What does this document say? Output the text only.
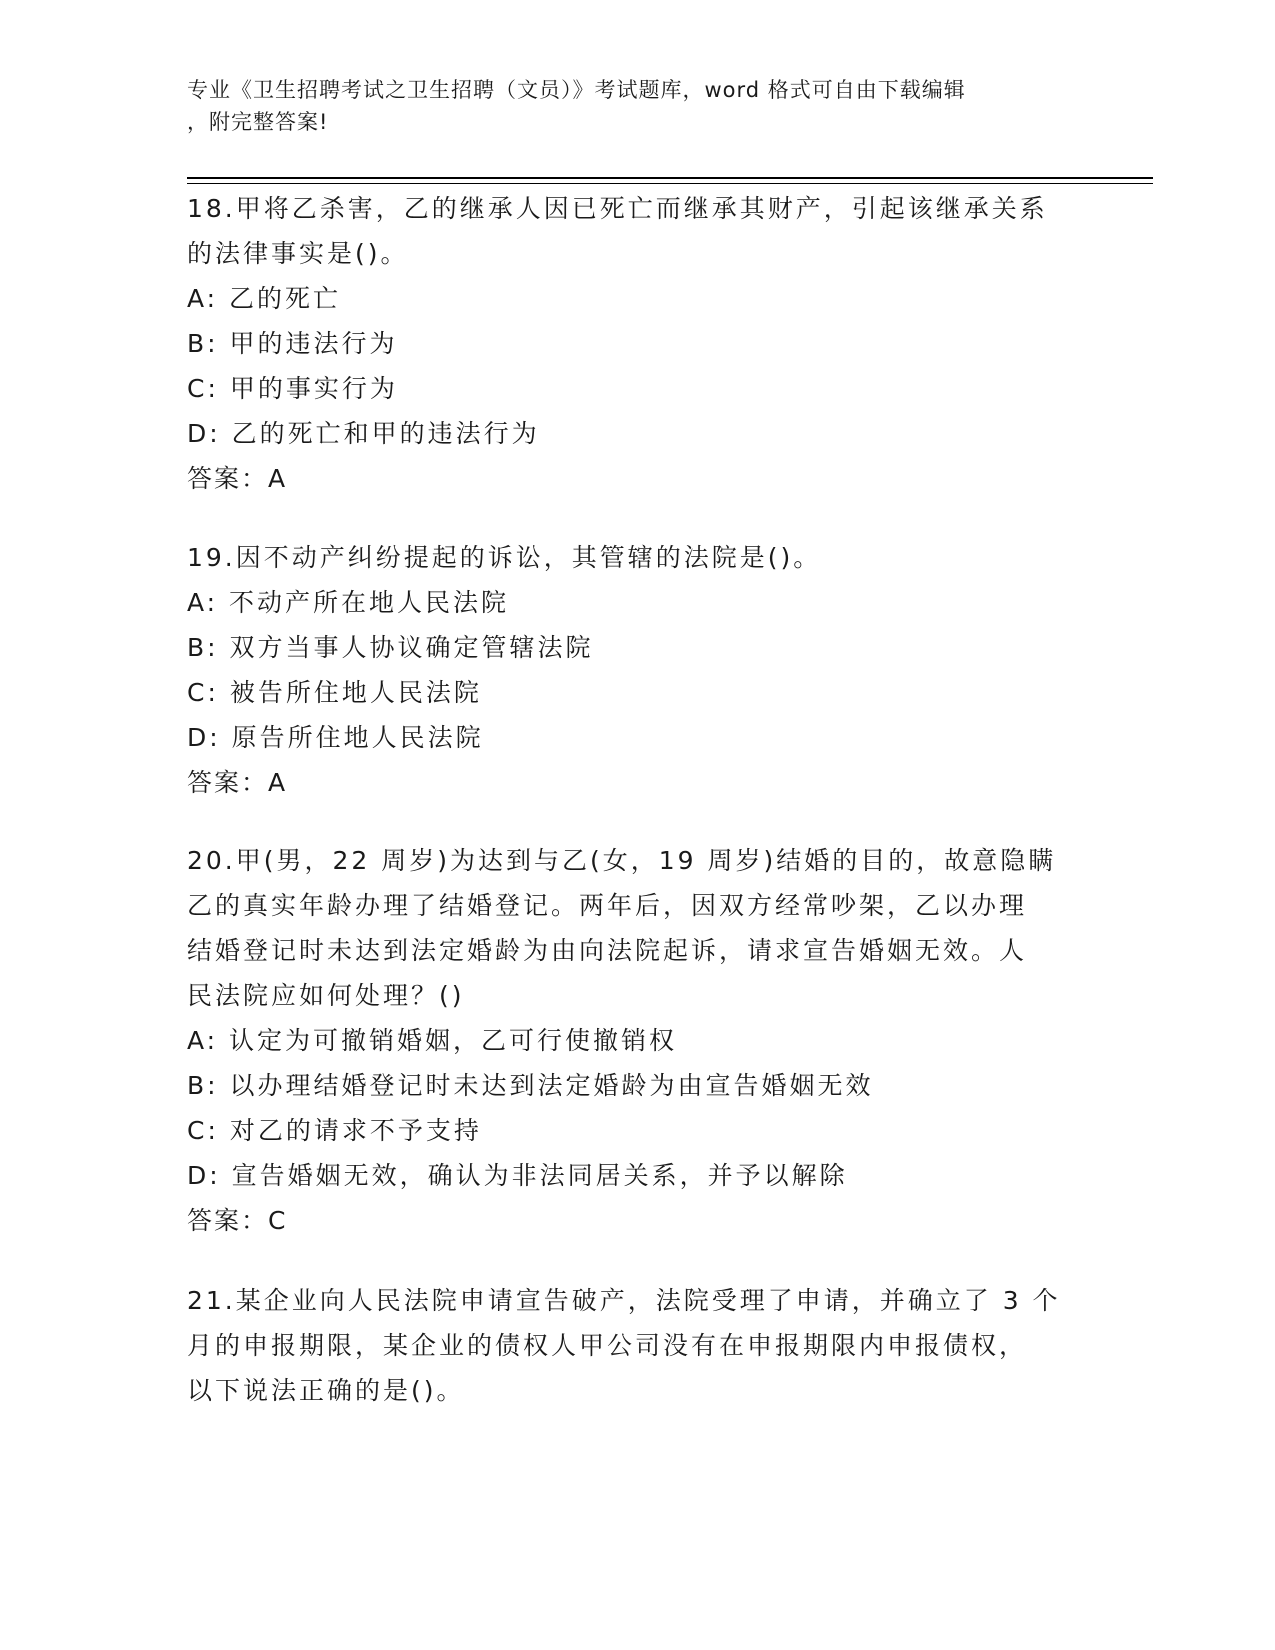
专业《卫生招聘考试之卫生招聘（文员）》考试题库，word 格式可自由下载编辑
，附完整答案!
18.甲将乙杀害，乙的继承人因已死亡而继承其财产，引起该继承关系
的法律事实是()。
A: 乙的死亡
B: 甲的违法行为
C: 甲的事实行为
D: 乙的死亡和甲的违法行为
答案：A
19.因不动产纠纷提起的诉讼，其管辖的法院是()。
A: 不动产所在地人民法院
B: 双方当事人协议确定管辖法院
C: 被告所住地人民法院
D: 原告所住地人民法院
答案：A
20.甲(男，22 周岁)为达到与乙(女，19 周岁)结婚的目的，故意隐瞒
乙的真实年龄办理了结婚登记。两年后，因双方经常吵架，乙以办理
结婚登记时未达到法定婚龄为由向法院起诉，请求宣告婚姻无效。人
民法院应如何处理？()
A: 认定为可撤销婚姻，乙可行使撤销权
B: 以办理结婚登记时未达到法定婚龄为由宣告婚姻无效
C: 对乙的请求不予支持
D: 宣告婚姻无效，确认为非法同居关系，并予以解除
答案：C
21.某企业向人民法院申请宣告破产，法院受理了申请，并确立了 3 个
月的申报期限，某企业的债权人甲公司没有在申报期限内申报债权，
以下说法正确的是()。
